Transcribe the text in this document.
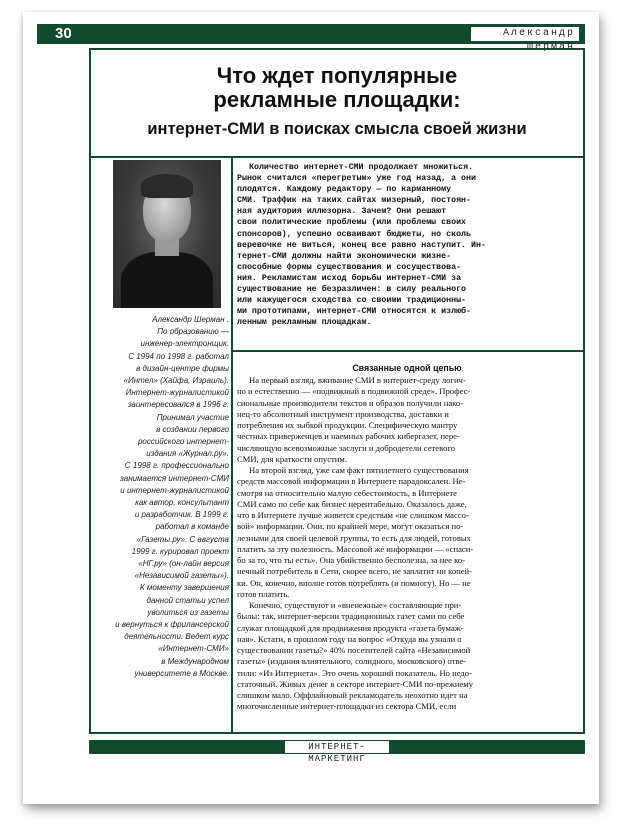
30	Александр Шерман
Что ждет популярные
рекламные площадки:
интернет-СМИ в поисках смысла своей жизни
Александр Шерман .
По образованию —
инженер-электронщик.
С 1994 по 1998 г. работал
в дизайн-центре фирмы
«Интел» (Хайфа, Израиль).
Интернет-журналистикой
заинтересовался в 1996 г.
Принимал участие
в создании первого
российского интернет-
издания «Журнал.ру».
С 1998 г. профессионально
занимается интернет-СМИ
и интернет-журналистикой
как автор, консультант
и разработчик. В 1999 г.
работал в команде
«Газеты.ру». С августа
1999 г. курировал проект
«НГ.ру» (он-лайн версия
«Независимой газеты»).
К моменту завершения
данной статьи успел
уволиться из газеты
и вернуться к фрилансерской
деятельности. Ведет курс
«Интернет-СМИ»
в Международном
университете в Москве.
Количество интернет-СМИ продолжает множиться.
Рынок считался «перегретым» уже год назад, а они
плодятся. Каждому редактору — по карманному
СМИ. Траффик на таких сайтах мизерный, постоян-
ная аудитория иллюзорна. Зачем? Они решают
свои политические проблемы (или проблемы своих
спонсоров), успешно осваивают бюджеты, но сколь
веревочке не виться, конец все равно наступит. Ин-
тернет-СМИ должны найти экономически жизне-
способные формы существования и сосуществова-
ния. Рекламистам исход борьбы интернет-СМИ за
существование не безразличен: в силу реального
или кажущегося сходства со своими традиционны-
ми прототипами, интернет-СМИ относятся к излюб-
ленным рекламным площадкам.
Связанные одной цепью
На первый взгляд, вживание СМИ в интернет-среду логич-
но и естественно — «подвижный в подвижной среде». Профес-
сиональные производители текстов и образов получили нако-
нец-то абсолютный инструмент производства, доставки и
потребления их зыбкой продукции. Специфическую мантру
честных приверженцев и наемных рабочих кибергазет, пере-
числяющую всевозможные заслуги и добродетели сетевого
СМИ, для краткости опустим.
На второй взгляд, уже сам факт пятилетнего существования
средств массовой информации в Интернете парадоксален. Не-
смотря на относительно малую себестоимость, в Интернете
СМИ само по себе как бизнес нерентабельно. Оказалось даже,
что в Интернете лучше живется средствам «не слишком массо-
вой» информации. Они, по крайней мере, могут оказаться по-
лезными для своей целевой группы, то есть для людей, готовых
платить за эту полезность. Массовой же информации — «спаси-
бо за то, что ты есть». Она убийственно бесполезна, за нее ко-
нечный потребитель в Сети, скорее всего, не заплатит ни копей-
ки. Он, конечно, вполне готов потреблять (и помногу). Но — не
готов платить.
Конечно, существуют и «вненежные» составляющие при-
былы: так, интернет-версии традиционных газет сами по себе
служат площадкой для продвижения продукта «газета бумаж-
ная». Кстати, в прошлом году на вопрос «Откуда вы узнали о
существовании газеты?» 40% посетителей сайта «Независимой
газеты» (издания влиятельного, солидного, московского) отве-
тили: «Из Интернета». Это очень хороший показатель. Но недо-
статочный. Живых денег в секторе интернет-СМИ по-прежнему
слишком мало. Оффлайновый рекламодатель неохотно идет на
многочисленные интернет-площадки из сектора СМИ, если
ИНТЕРНЕТ-МАРКЕТИНГ
